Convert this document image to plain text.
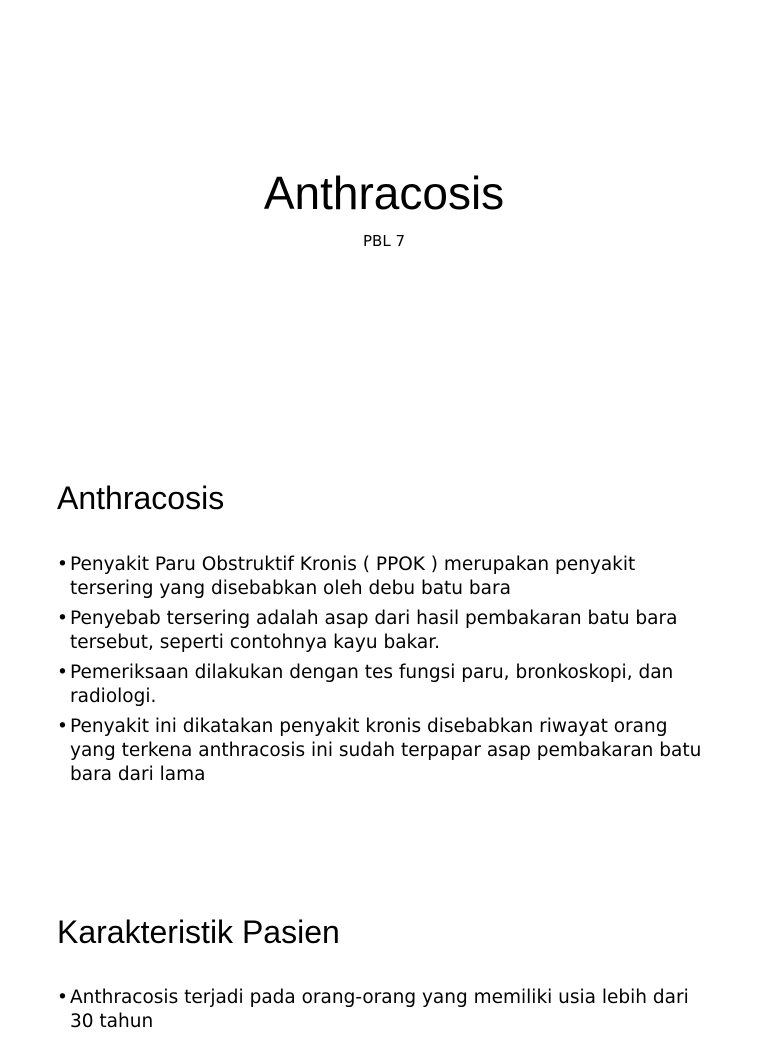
Anthracosis

PBL 7

Anthracosis
• Penyakit Paru Obstruktif Kronis ( PPOK ) merupakan penyakit tersering yang disebabkan oleh debu batu bara
• Penyebab tersering adalah asap dari hasil pembakaran batu bara tersebut, seperti contohnya kayu bakar.
• Pemeriksaan dilakukan dengan tes fungsi paru, bronkoskopi, dan radiologi.
• Penyakit ini dikatakan penyakit kronis disebabkan riwayat orang yang terkena anthracosis ini sudah terpapar asap pembakaran batu bara dari lama
Karakteristik Pasien
• Anthracosis terjadi pada orang-orang yang memiliki usia lebih dari 30 tahun
